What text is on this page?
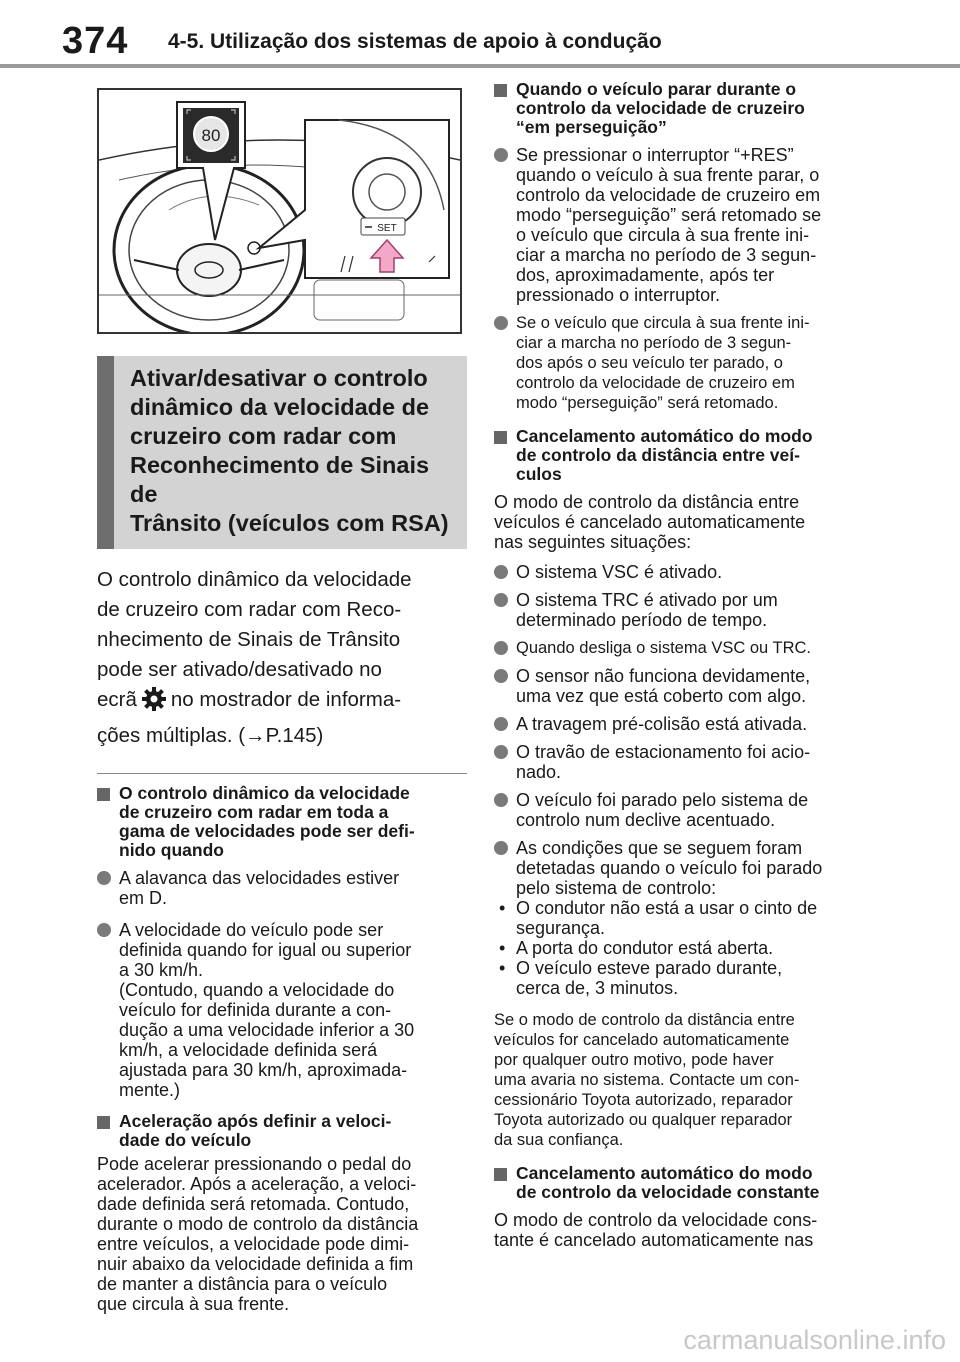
374 4-5. Utilização dos sistemas de apoio à condução
80
SET
Ativar/desativar o controlo
dinâmico da velocidade de
cruzeiro com radar com
Reconhecimento de Sinais de
Trânsito (veículos com RSA)
O controlo dinâmico da velocidade
de cruzeiro com radar com Reco-
nhecimento de Sinais de Trânsito
pode ser ativado/desativado no
ecrã no mostrador de informa-
ções múltiplas. (→P.145)
O controlo dinâmico da velocidade
de cruzeiro com radar em toda a
gama de velocidades pode ser defi-
nido quando
A alavanca das velocidades estiver
em D.
A velocidade do veículo pode ser
definida quando for igual ou superior
a 30 km/h.
(Contudo, quando a velocidade do
veículo for definida durante a con-
dução a uma velocidade inferior a 30
km/h, a velocidade definida será
ajustada para 30 km/h, aproximada-
mente.)
Aceleração após definir a veloci-
dade do veículo
Pode acelerar pressionando o pedal do
acelerador. Após a aceleração, a veloci-
dade definida será retomada. Contudo,
durante o modo de controlo da distância
entre veículos, a velocidade pode dimi-
nuir abaixo da velocidade definida a fim
de manter a distância para o veículo
que circula à sua frente.
Quando o veículo parar durante o
controlo da velocidade de cruzeiro
“em perseguição”
Se pressionar o interruptor “+RES”
quando o veículo à sua frente parar, o
controlo da velocidade de cruzeiro em
modo “perseguição” será retomado se
o veículo que circula à sua frente ini-
ciar a marcha no período de 3 segun-
dos, aproximadamente, após ter
pressionado o interruptor.
Se o veículo que circula à sua frente ini-
ciar a marcha no período de 3 segun-
dos após o seu veículo ter parado, o
controlo da velocidade de cruzeiro em
modo “perseguição” será retomado.
Cancelamento automático do modo
de controlo da distância entre veí-
culos
O modo de controlo da distância entre
veículos é cancelado automaticamente
nas seguintes situações:
O sistema VSC é ativado.
O sistema TRC é ativado por um
determinado período de tempo.
Quando desliga o sistema VSC ou TRC.
O sensor não funciona devidamente,
uma vez que está coberto com algo.
A travagem pré-colisão está ativada.
O travão de estacionamento foi acio-
nado.
O veículo foi parado pelo sistema de
controlo num declive acentuado.
As condições que se seguem foram
detetadas quando o veículo foi parado
pelo sistema de controlo:
• O condutor não está a usar o cinto de
segurança.
• A porta do condutor está aberta.
• O veículo esteve parado durante,
cerca de, 3 minutos.
Se o modo de controlo da distância entre
veículos for cancelado automaticamente
por qualquer outro motivo, pode haver
uma avaria no sistema. Contacte um con-
cessionário Toyota autorizado, reparador
Toyota autorizado ou qualquer reparador
da sua confiança.
Cancelamento automático do modo
de controlo da velocidade constante
O modo de controlo da velocidade cons-
tante é cancelado automaticamente nas
carmanualsonline.info
